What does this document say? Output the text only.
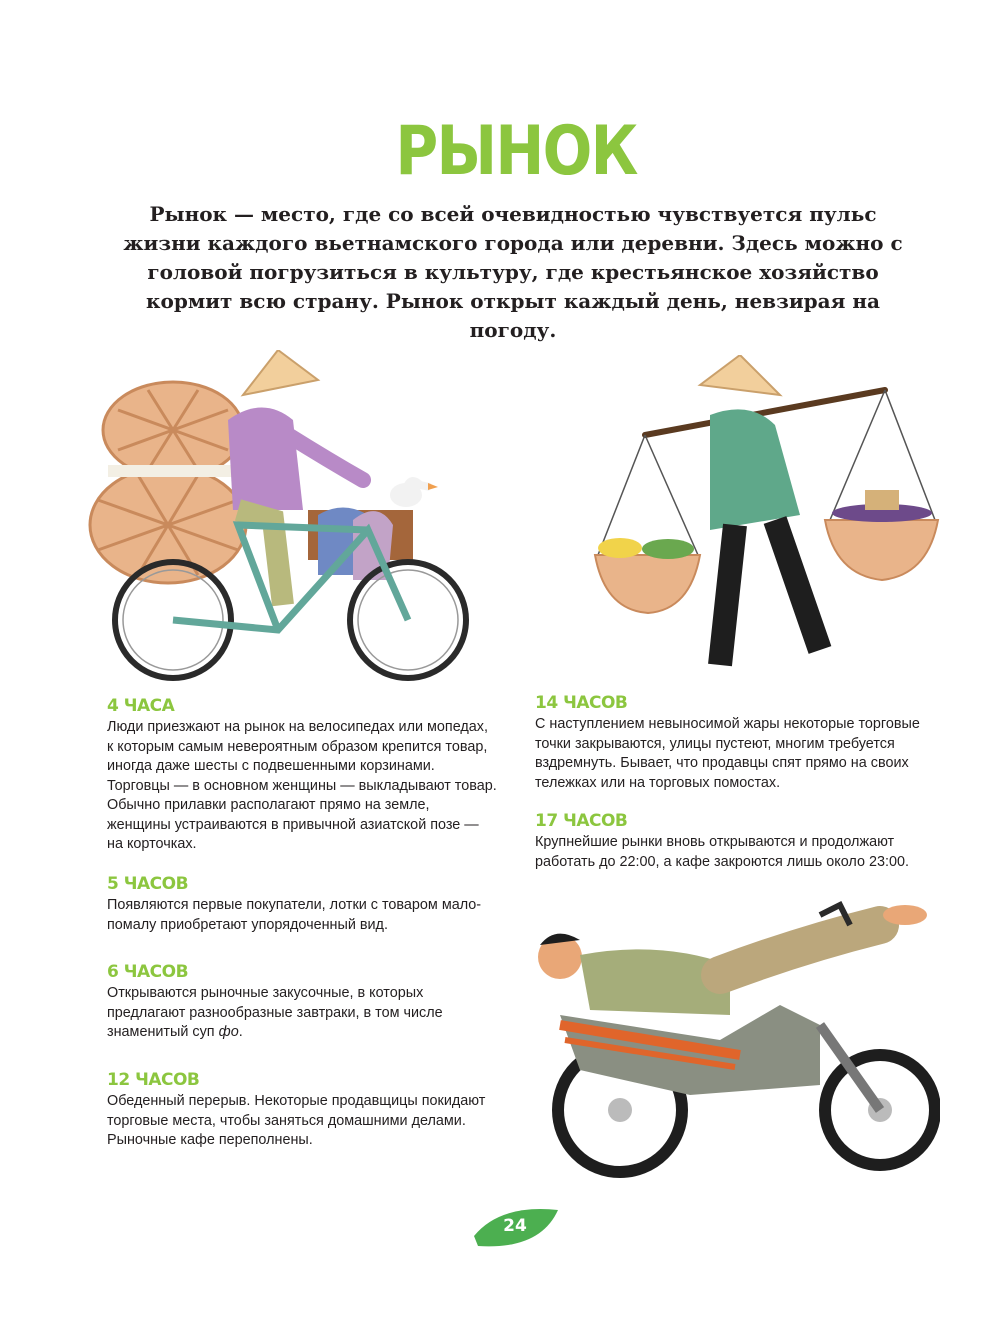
РЫНОК
Рынок — место, где со всей очевидностью чувствуется пульс жизни каждого вьетнамского города или деревни. Здесь можно с головой погрузиться в культуру, где крестьянское хозяйство кормит всю страну. Рынок открыт каждый день, невзирая на погоду.
4 ЧАСА

Люди приезжают на рынок на велосипедах или мопедах, к которым самым невероятным образом крепится товар, иногда даже шесты с подвешенными корзинами. Торговцы — в основном женщины — выкладывают товар. Обычно прилавки располагают прямо на земле, женщины устраиваются в привычной азиатской позе — на корточках.

5 ЧАСОВ

Появляются первые покупатели, лотки с товаром мало-помалу приобретают упорядоченный вид.

6 ЧАСОВ

Открываются рыночные закусочные, в которых предлагают разнообразные завтраки, в том числе знаменитый суп фо.

12 ЧАСОВ

Обеденный перерыв. Некоторые продавщицы покидают торговые места, чтобы заняться домашними делами. Рыночные кафе переполнены.

14 ЧАСОВ

С наступлением невыносимой жары некоторые торговые точки закрываются, улицы пустеют, многим требуется вздремнуть. Бывает, что продавцы спят прямо на своих тележках или на торговых помостах.

17 ЧАСОВ

Крупнейшие рынки вновь открываются и продолжают работать до 22:00, а кафе закроются лишь около 23:00.

24
